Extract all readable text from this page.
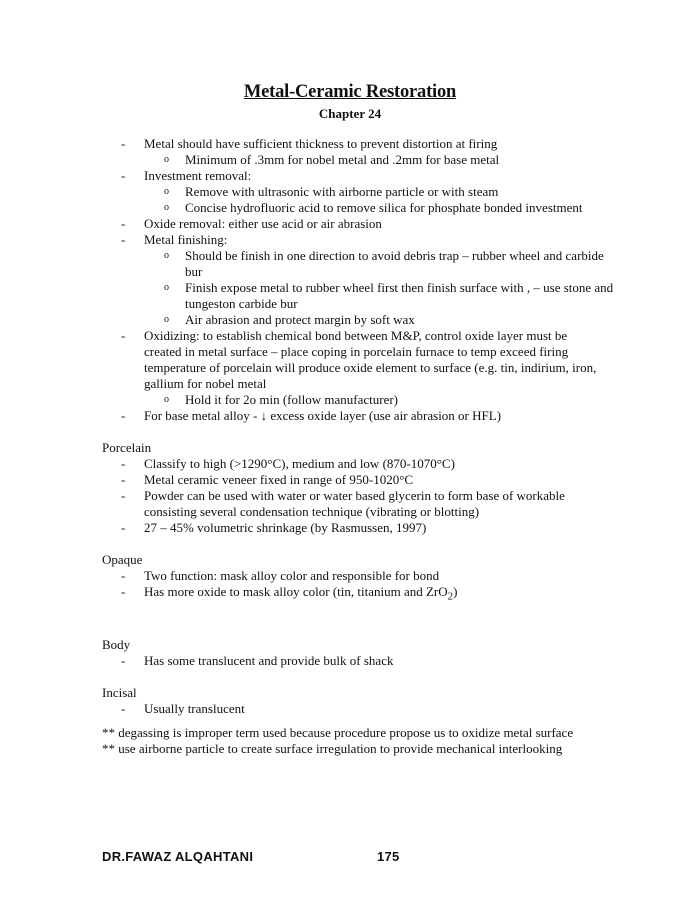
Metal-Ceramic Restoration
Chapter 24
- Metal should have sufficient thickness to prevent distortion at firing
o Minimum of .3mm for nobel metal and .2mm for base metal
- Investment removal:
o Remove with ultrasonic with airborne particle or with steam
o Concise hydrofluoric acid to remove silica for phosphate bonded investment
- Oxide removal: either use acid or air abrasion
- Metal finishing:
o Should be finish in one direction to avoid debris trap – rubber wheel and carbide bur
o Finish expose metal to rubber wheel first then finish surface with , – use stone and tungeston carbide bur
o Air abrasion and protect margin by soft wax
- Oxidizing: to establish chemical bond between M&P, control oxide layer must be created in metal surface – place coping in porcelain furnace to temp exceed firing temperature of porcelain will produce oxide element to surface (e.g. tin, indirium, iron, gallium for nobel metal
o Hold it for 2o min (follow manufacturer)
- For base metal alloy - ↓ excess oxide layer (use air abrasion or HFL)
Porcelain
- Classify to high (>1290°C), medium and low (870-1070°C)
- Metal ceramic veneer fixed in range of 950-1020°C
- Powder can be used with water or water based glycerin to form base of workable consisting several condensation technique (vibrating or blotting)
- 27 – 45% volumetric shrinkage (by Rasmussen, 1997)
Opaque
- Two function: mask alloy color and responsible for bond
- Has more oxide to mask alloy color (tin, titanium and ZrO$_2$)
Body
- Has some translucent and provide bulk of shack
Incisal
- Usually translucent
** degassing is improper term used because procedure propose us to oxidize metal surface
** use airborne particle to create surface irregulation to provide mechanical interlooking
DR.FAWAZ ALQAHTANI	175
